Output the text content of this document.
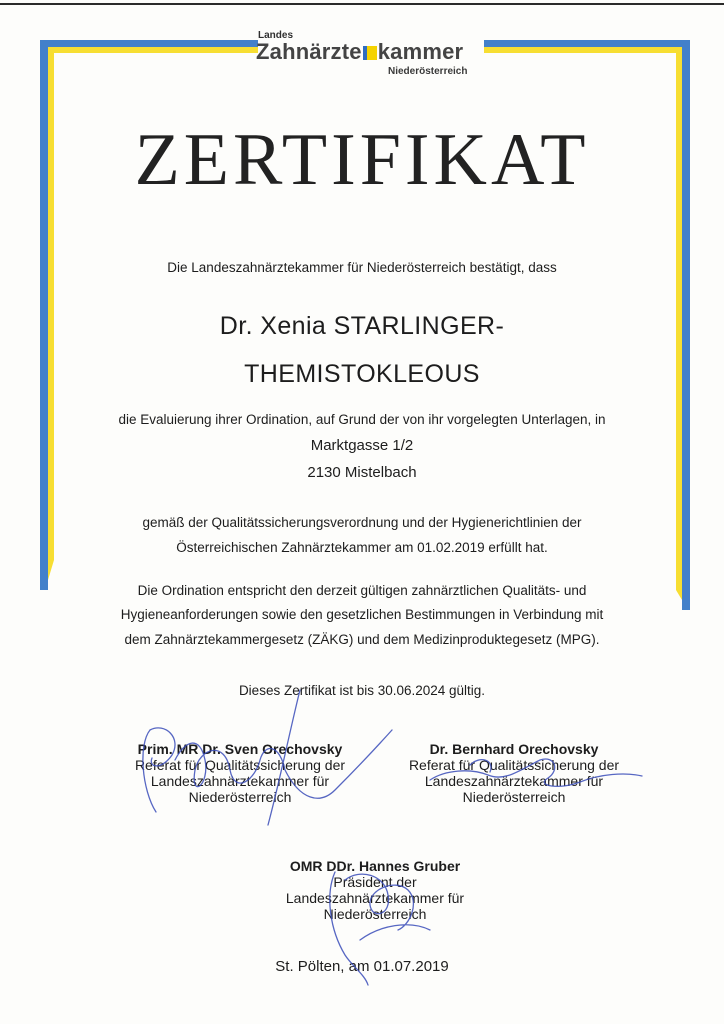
Landes
Zahnärzte kammer
Niederösterreich
ZERTIFIKAT
Die Landeszahnärztekammer für Niederösterreich bestätigt, dass
Dr. Xenia STARLINGER-
THEMISTOKLEOUS
die Evaluierung ihrer Ordination, auf Grund der von ihr vorgelegten Unterlagen, in
Marktgasse 1/2
2130 Mistelbach
gemäß der Qualitätssicherungsverordnung und der Hygienerichtlinien der
Österreichischen Zahnärztekammer am 01.02.2019 erfüllt hat.
Die Ordination entspricht den derzeit gültigen zahnärztlichen Qualitäts- und
Hygieneanforderungen sowie den gesetzlichen Bestimmungen in Verbindung mit
dem Zahnärztekammergesetz (ZÄKG) und dem Medizinproduktegesetz (MPG).
Dieses Zertifikat ist bis 30.06.2024 gültig.
Prim. MR Dr. Sven Orechovsky
Referat für Qualitätssicherung der
Landeszahnärztekammer für
Niederösterreich
Dr. Bernhard Orechovsky
Referat für Qualitätssicherung der
Landeszahnärztekammer für
Niederösterreich
OMR DDr. Hannes Gruber
Präsident der
Landeszahnärztekammer für
Niederösterreich
St. Pölten, am 01.07.2019
